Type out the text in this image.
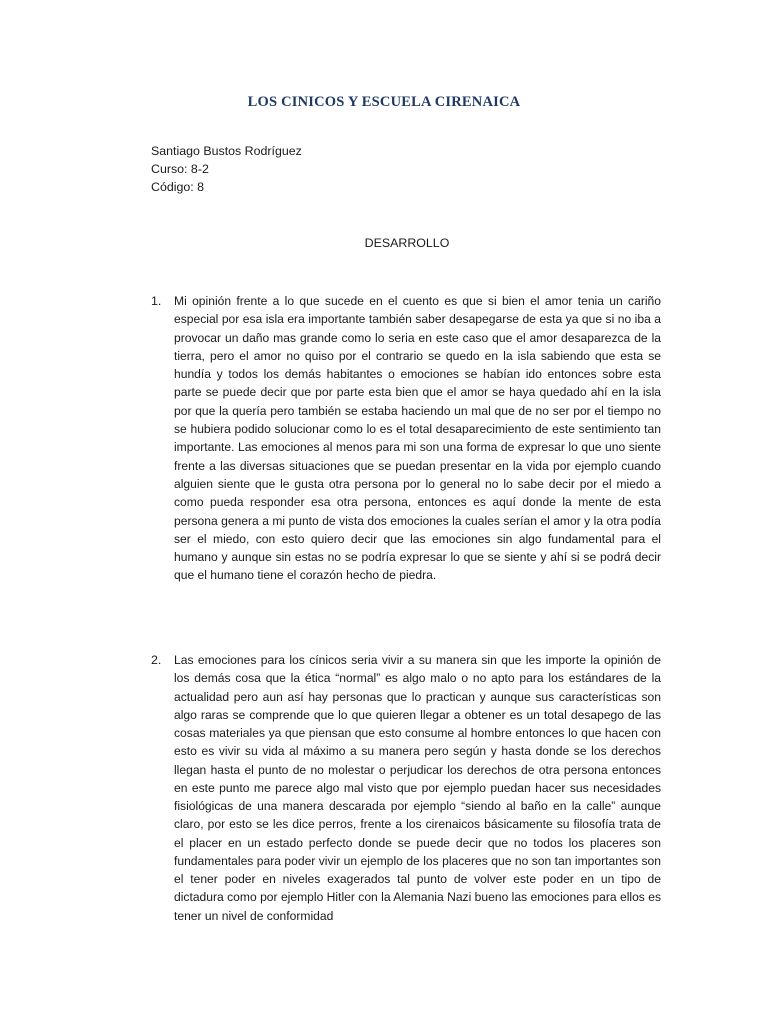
LOS CINICOS Y ESCUELA CIRENAICA
Santiago Bustos Rodríguez
Curso: 8-2
Código: 8
DESARROLLO
1. Mi opinión frente a lo que sucede en el cuento es que si bien el amor tenia un cariño especial por esa isla era importante también saber desapegarse de esta ya que si no iba a provocar un daño mas grande como lo seria en este caso que el amor desaparezca de la tierra, pero el amor no quiso por el contrario se quedo en la isla sabiendo que esta se hundía y todos los demás habitantes o emociones se habían ido entonces sobre esta parte se puede decir que por parte esta bien que el amor se haya quedado ahí en la isla por que la quería pero también se estaba haciendo un mal que de no ser por el tiempo no se hubiera podido solucionar como lo es el total desaparecimiento de este sentimiento tan importante. Las emociones al menos para mi son una forma de expresar lo que uno siente frente a las diversas situaciones que se puedan presentar en la vida por ejemplo cuando alguien siente que le gusta otra persona por lo general no lo sabe decir por el miedo a como pueda responder esa otra persona, entonces es aquí donde la mente de esta persona genera a mi punto de vista dos emociones la cuales serían el amor y la otra podía ser el miedo, con esto quiero decir que las emociones sin algo fundamental para el humano y aunque sin estas no se podría expresar lo que se siente y ahí si se podrá decir que el humano tiene el corazón hecho de piedra.

2. Las emociones para los cínicos seria vivir a su manera sin que les importe la opinión de los demás cosa que la ética “normal” es algo malo o no apto para los estándares de la actualidad pero aun así hay personas que lo practican y aunque sus características son algo raras se comprende que lo que quieren llegar a obtener es un total desapego de las cosas materiales ya que piensan que esto consume al hombre entonces lo que hacen con esto es vivir su vida al máximo a su manera pero según y hasta donde se los derechos llegan hasta el punto de no molestar o perjudicar los derechos de otra persona entonces en este punto me parece algo mal visto que por ejemplo puedan hacer sus necesidades fisiológicas de una manera descarada por ejemplo “siendo al baño en la calle” aunque claro, por esto se les dice perros, frente a los cirenaicos básicamente su filosofía trata de el placer en un estado perfecto donde se puede decir que no todos los placeres son fundamentales para poder vivir un ejemplo de los placeres que no son tan importantes son el tener poder en niveles exagerados tal punto de volver este poder en un tipo de dictadura como por ejemplo Hitler con la Alemania Nazi bueno las emociones para ellos es tener un nivel de conformidad
